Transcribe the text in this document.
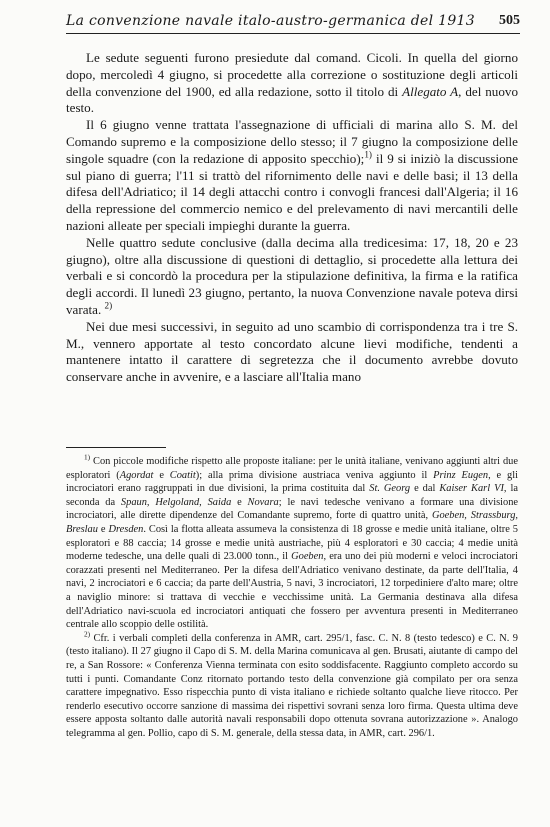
La convenzione navale italo-austro-germanica del 1913 505

Le sedute seguenti furono presiedute dal comand. Cicoli. In quella del giorno dopo, mercoledì 4 giugno, si procedette alla correzione o sostituzione degli articoli della convenzione del 1900, ed alla redazione, sotto il titolo di Allegato A, del nuovo testo.

Il 6 giugno venne trattata l'assegnazione di ufficiali di marina allo S. M. del Comando supremo e la composizione dello stesso; il 7 giugno la composizione delle singole squadre (con la redazione di apposito specchio);$^{1)}$ il 9 si iniziò la discussione sul piano di guerra; l'11 si trattò del rifornimento delle navi e delle basi; il 13 della difesa dell'Adriatico; il 14 degli attacchi contro i convogli francesi dall'Algeria; il 16 della repressione del commercio nemico e del prelevamento di navi mercantili delle nazioni alleate per speciali impieghi durante la guerra.

Nelle quattro sedute conclusive (dalla decima alla tredicesima: 17, 18, 20 e 23 giugno), oltre alla discussione di questioni di dettaglio, si procedette alla lettura dei verbali e si concordò la procedura per la stipulazione definitiva, la firma e la ratifica degli accordi. Il lunedì 23 giugno, pertanto, la nuova Convenzione navale poteva dirsi varata. $^{2)}$

Nei due mesi successivi, in seguito ad uno scambio di corrispondenza tra i tre S. M., vennero apportate al testo concordato alcune lievi modifiche, tendenti a mantenere intatto il carattere di segretezza che il documento avrebbe dovuto conservare anche in avvenire, e a lasciare all'Italia mano

$^{1)}$ Con piccole modifiche rispetto alle proposte italiane: per le unità italiane, venivano aggiunti altri due esploratori (Agordat e Coatit); alla prima divisione austriaca veniva aggiunto il Prinz Eugen, e gli incrociatori erano raggruppati in due divisioni, la prima costituita dal St. Georg e dal Kaiser Karl VI, la seconda da Spaun, Helgoland, Saida e Novara; le navi tedesche venivano a formare una divisione incrociatori, alle dirette dipendenze del Comandante supremo, forte di quattro unità, Goeben, Strassburg, Breslau e Dresden. Così la flotta alleata assumeva la consistenza di 18 grosse e medie unità italiane, oltre 5 esploratori e 88 caccia; 14 grosse e medie unità austriache, più 4 esploratori e 30 caccia; 4 medie unità moderne tedesche, una delle quali di 23.000 tonn., il Goeben, era uno dei più moderni e veloci incrociatori corazzati presenti nel Mediterraneo. Per la difesa dell'Adriatico venivano destinate, da parte dell'Italia, 4 navi, 2 incrociatori e 6 caccia; da parte dell'Austria, 5 navi, 3 incrociatori, 12 torpediniere d'alto mare; oltre a naviglio minore: si trattava di vecchie e vecchissime unità. La Germania destinava alla difesa dell'Adriatico navi-scuola ed incrociatori antiquati che fossero per avventura presenti in Mediterraneo centrale allo scoppio delle ostilità.

$^{2)}$ Cfr. i verbali completi della conferenza in AMR, cart. 295/1, fasc. C. N. 8 (testo tedesco) e C. N. 9 (testo italiano). Il 27 giugno il Capo di S. M. della Marina comunicava al gen. Brusati, aiutante di campo del re, a San Rossore: « Conferenza Vienna terminata con esito soddisfacente. Raggiunto completo accordo su tutti i punti. Comandante Conz ritornato portando testo della convenzione già compilato per ora senza carattere impegnativo. Esso rispecchia punto di vista italiano e richiede soltanto qualche lieve ritocco. Per renderlo esecutivo occorre sanzione di massima dei rispettivi sovrani senza loro firma. Questa ultima deve essere apposta soltanto dalle autorità navali responsabili dopo ottenuta sovrana autorizzazione ». Analogo telegramma al gen. Pollio, capo di S. M. generale, della stessa data, in AMR, cart. 296/1.
